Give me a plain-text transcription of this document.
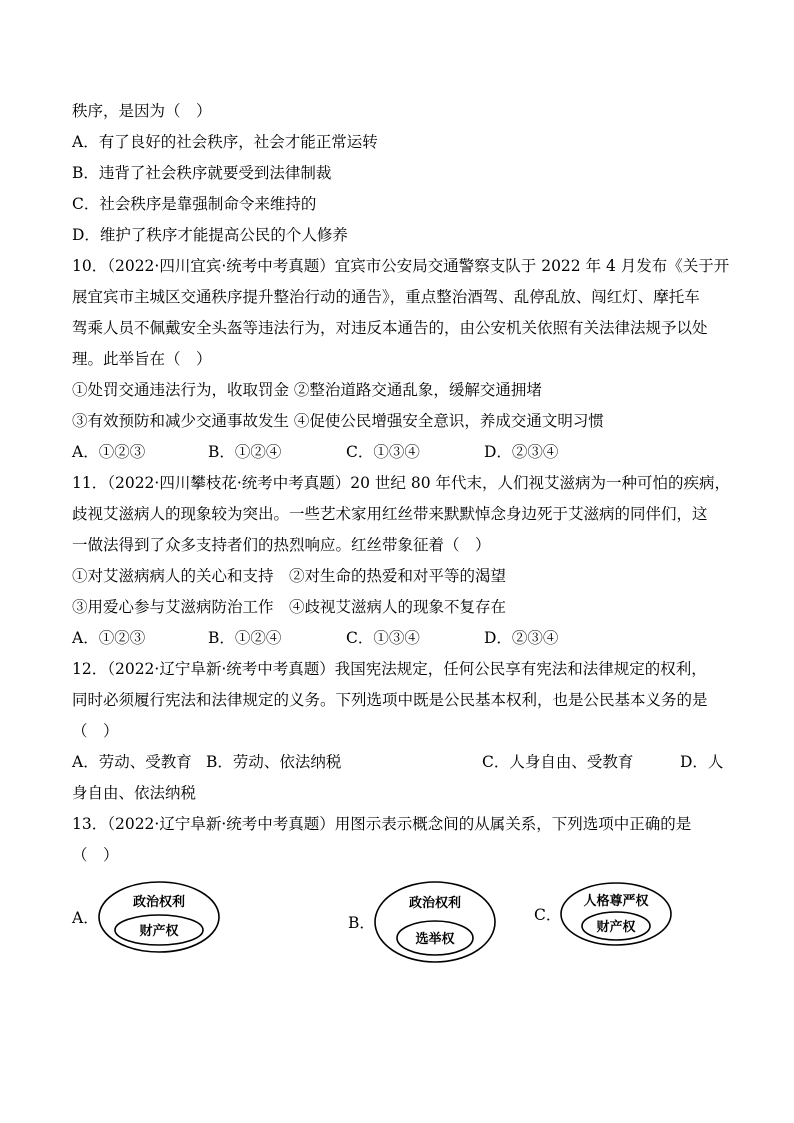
秩序，是因为（　）
A．有了良好的社会秩序，社会才能正常运转
B．违背了社会秩序就要受到法律制裁
C．社会秩序是靠强制命令来维持的
D．维护了秩序才能提高公民的个人修养
10．（2022·四川宜宾·统考中考真题）宜宾市公安局交通警察支队于 2022 年 4 月发布《关于开
展宜宾市主城区交通秩序提升整治行动的通告》，重点整治酒驾、乱停乱放、闯红灯、摩托车
驾乘人员不佩戴安全头盔等违法行为，对违反本通告的，由公安机关依照有关法律法规予以处
理。此举旨在（　）
①处罚交通违法行为，收取罚金 ②整治道路交通乱象，缓解交通拥堵
③有效预防和减少交通事故发生 ④促使公民增强安全意识，养成交通文明习惯
A．①②③	B．①②④	C．①③④	D．②③④
11．（2022·四川攀枝花·统考中考真题）20 世纪 80 年代末，人们视艾滋病为一种可怕的疾病，
歧视艾滋病人的现象较为突出。一些艺术家用红丝带来默默悼念身边死于艾滋病的同伴们，这
一做法得到了众多支持者们的热烈响应。红丝带象征着（　）
①对艾滋病病人的关心和支持　②对生命的热爱和对平等的渴望
③用爱心参与艾滋病防治工作　④歧视艾滋病人的现象不复存在
A．①②③	B．①②④	C．①③④	D．②③④
12．（2022·辽宁阜新·统考中考真题）我国宪法规定，任何公民享有宪法和法律规定的权利，
同时必须履行宪法和法律规定的义务。下列选项中既是公民基本权利，也是公民基本义务的是
（　）
A．劳动、受教育 B．劳动、依法纳税	C．人身自由、受教育	D．人
身自由、依法纳税
13．（2022·辽宁阜新·统考中考真题）用图示表示概念间的从属关系，下列选项中正确的是
（　）
A．
政治权利
财产权	B．
政治权利
选举权
C．
人格尊严权
财产权
